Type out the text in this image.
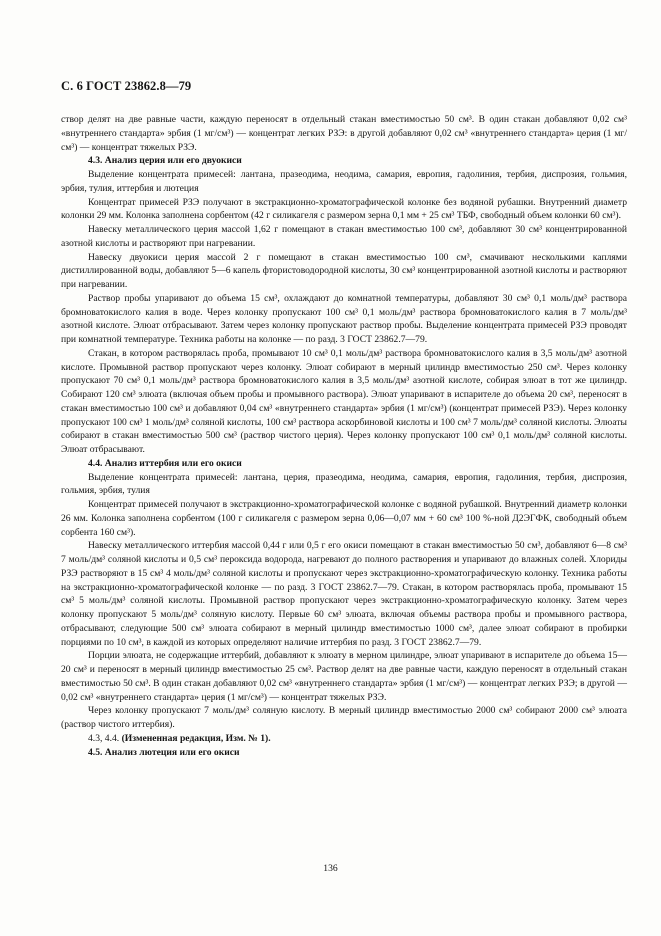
С. 6 ГОСТ 23862.8—79

створ делят на две равные части, каждую переносят в отдельный стакан вместимостью 50 см³. В один стакан добавляют 0,02 см³ «внутреннего стандарта» эрбия (1 мг/см³) — концентрат легких РЗЭ: в другой добавляют 0,02 см³ «внутреннего стандарта» церия (1 мг/см³) — концентрат тяжелых РЗЭ.

4.3. Анализ церия или его двуокиси

Выделение концентрата примесей: лантана, празеодима, неодима, самария, европия, гадолиния, тербия, диспрозия, гольмия, эрбия, тулия, иттербия и лютеция

Концентрат примесей РЗЭ получают в экстракционно-хроматографической колонке без водяной рубашки. Внутренний диаметр колонки 29 мм. Колонка заполнена сорбентом (42 г силикагеля с размером зерна 0,1 мм + 25 см³ ТБФ, свободный объем колонки 60 см³).

Навеску металлического церия массой 1,62 г помещают в стакан вместимостью 100 см³, добавляют 30 см³ концентрированной азотной кислоты и растворяют при нагревании.

Навеску двуокиси церия массой 2 г помещают в стакан вместимостью 100 см³, смачивают несколькими каплями дистиллированной воды, добавляют 5—6 капель фтористоводородной кислоты, 30 см³ концентрированной азотной кислоты и растворяют при нагревании.

Раствор пробы упаривают до объема 15 см³, охлаждают до комнатной температуры, добавляют 30 см³ 0,1 моль/дм³ раствора бромноватокислого калия в воде. Через колонку пропускают 100 см³ 0,1 моль/дм³ раствора бромноватокислого калия в 7 моль/дм³ азотной кислоте. Элюат отбрасывают. Затем через колонку пропускают раствор пробы. Выделение концентрата примесей РЗЭ проводят при комнатной температуре. Техника работы на колонке — по разд. 3 ГОСТ 23862.7—79.

Стакан, в котором растворялась проба, промывают 10 см³ 0,1 моль/дм³ раствора бромноватокислого калия в 3,5 моль/дм³ азотной кислоте. Промывной раствор пропускают через колонку. Элюат собирают в мерный цилиндр вместимостью 250 см³. Через колонку пропускают 70 см³ 0,1 моль/дм³ раствора бромноватокислого калия в 3,5 моль/дм³ азотной кислоте, собирая элюат в тот же цилиндр. Собирают 120 см³ элюата (включая объем пробы и промывного раствора). Элюат упаривают в испарителе до объема 20 см³, переносят в стакан вместимостью 100 см³ и добавляют 0,04 см³ «внутреннего стандарта» эрбия (1 мг/см³) (концентрат примесей РЗЭ). Через колонку пропускают 100 см³ 1 моль/дм³ соляной кислоты, 100 см³ раствора аскорбиновой кислоты и 100 см³ 7 моль/дм³ соляной кислоты. Элюаты собирают в стакан вместимостью 500 см³ (раствор чистого церия). Через колонку пропускают 100 см³ 0,1 моль/дм³ соляной кислоты. Элюат отбрасывают.

4.4. Анализ иттербия или его окиси

Выделение концентрата примесей: лантана, церия, празеодима, неодима, самария, европия, гадолиния, тербия, диспрозия, гольмия, эрбия, тулия

Концентрат примесей получают в экстракционно-хроматографической колонке с водяной рубашкой. Внутренний диаметр колонки 26 мм. Колонка заполнена сорбентом (100 г силикагеля с размером зерна 0,06—0,07 мм + 60 см³ 100 %-ной Д2ЭГФК, свободный объем сорбента 160 см³).

Навеску металлического иттербия массой 0,44 г или 0,5 г его окиси помещают в стакан вместимостью 50 см³, добавляют 6—8 см³ 7 моль/дм³ соляной кислоты и 0,5 см³ пероксида водорода, нагревают до полного растворения и упаривают до влажных солей. Хлориды РЗЭ растворяют в 15 см³ 4 моль/дм³ соляной кислоты и пропускают через экстракционно-хроматографическую колонку. Техника работы на экстракционно-хроматографической колонке — по разд. 3 ГОСТ 23862.7—79. Стакан, в котором растворялась проба, промывают 15 см³ 5 моль/дм³ соляной кислоты. Промывной раствор пропускают через экстракционно-хроматографическую колонку. Затем через колонку пропускают 5 моль/дм³ соляную кислоту. Первые 60 см³ элюата, включая объемы раствора пробы и промывного раствора, отбрасывают, следующие 500 см³ элюата собирают в мерный цилиндр вместимостью 1000 см³, далее элюат собирают в пробирки порциями по 10 см³, в каждой из которых определяют наличие иттербия по разд. 3 ГОСТ 23862.7—79.

Порции элюата, не содержащие иттербий, добавляют к элюату в мерном цилиндре, элюат упаривают в испарителе до объема 15—20 см³ и переносят в мерный цилиндр вместимостью 25 см³. Раствор делят на две равные части, каждую переносят в отдельный стакан вместимостью 50 см³. В один стакан добавляют 0,02 см³ «внутреннего стандарта» эрбия (1 мг/см³) — концентрат легких РЗЭ; в другой — 0,02 см³ «внутреннего стандарта» церия (1 мг/см³) — концентрат тяжелых РЗЭ.

Через колонку пропускают 7 моль/дм³ соляную кислоту. В мерный цилиндр вместимостью 2000 см³ собирают 2000 см³ элюата (раствор чистого иттербия).

4.3, 4.4. (Измененная редакция, Изм. № 1).

4.5. Анализ лютеция или его окиси

136
